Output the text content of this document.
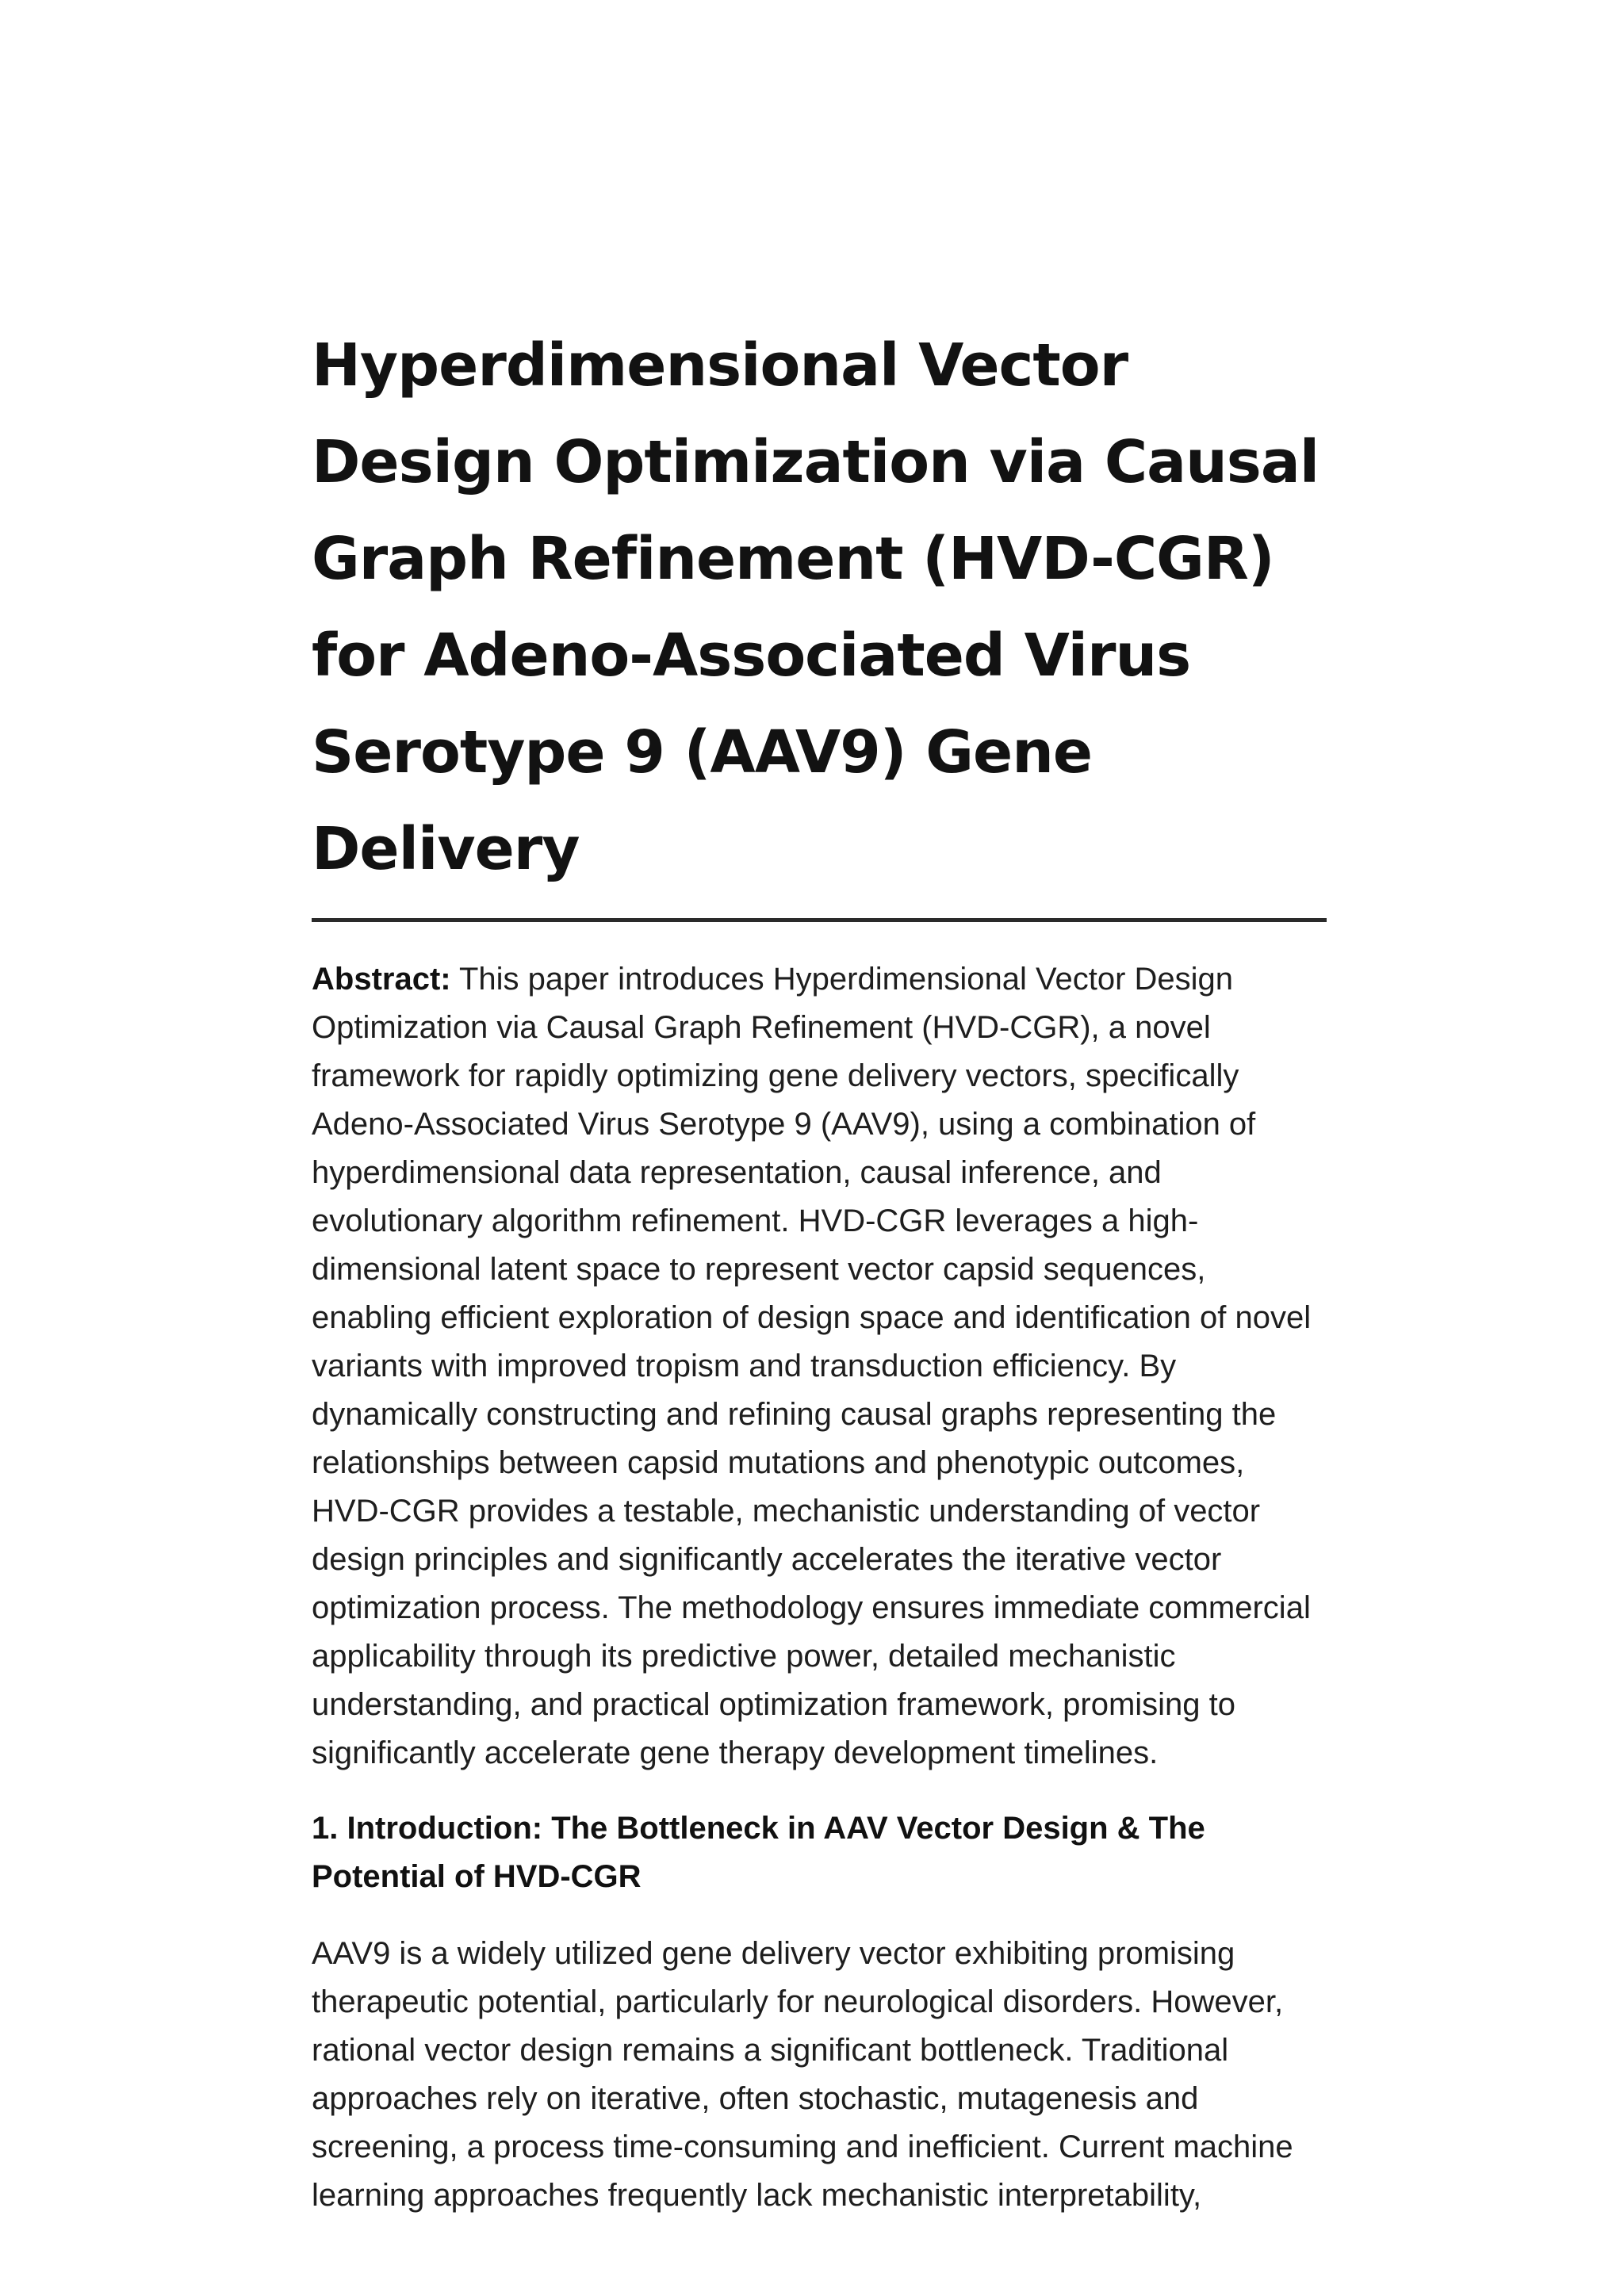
Hyperdimensional Vector Design Optimization via Causal Graph Refinement (HVD-CGR) for Adeno-Associated Virus Serotype 9 (AAV9) Gene Delivery

Abstract: This paper introduces Hyperdimensional Vector Design Optimization via Causal Graph Refinement (HVD-CGR), a novel framework for rapidly optimizing gene delivery vectors, specifically Adeno-Associated Virus Serotype 9 (AAV9), using a combination of hyperdimensional data representation, causal inference, and evolutionary algorithm refinement. HVD-CGR leverages a high-dimensional latent space to represent vector capsid sequences, enabling efficient exploration of design space and identification of novel variants with improved tropism and transduction efficiency. By dynamically constructing and refining causal graphs representing the relationships between capsid mutations and phenotypic outcomes, HVD-CGR provides a testable, mechanistic understanding of vector design principles and significantly accelerates the iterative vector optimization process. The methodology ensures immediate commercial applicability through its predictive power, detailed mechanistic understanding, and practical optimization framework, promising to significantly accelerate gene therapy development timelines.

1. Introduction: The Bottleneck in AAV Vector Design & The Potential of HVD-CGR

AAV9 is a widely utilized gene delivery vector exhibiting promising therapeutic potential, particularly for neurological disorders. However, rational vector design remains a significant bottleneck. Traditional approaches rely on iterative, often stochastic, mutagenesis and screening, a process time-consuming and inefficient. Current machine learning approaches frequently lack mechanistic interpretability,
